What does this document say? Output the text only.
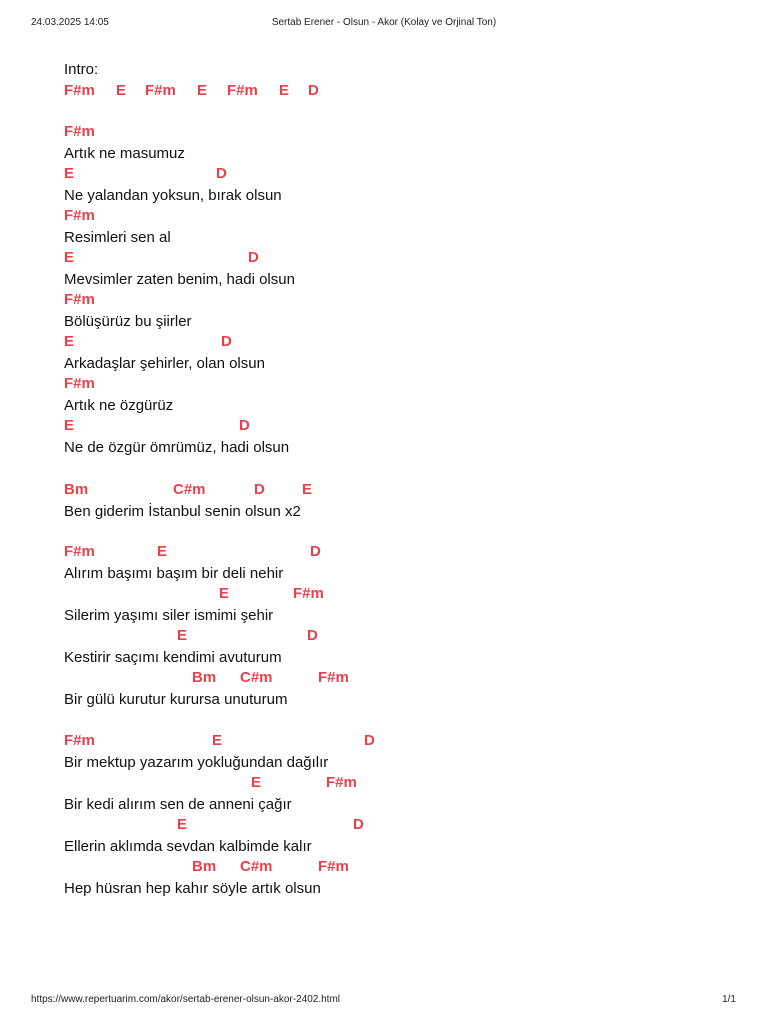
24.03.2025 14:05	Sertab Erener - Olsun - Akor (Kolay ve Orjinal Ton)
Intro:
F#m E F#m E F#m E D
F#m
Artık ne masumuz
E	D
Ne yalandan yoksun, bırak olsun
F#m
Resimleri sen al
E	D
Mevsimler zaten benim, hadi olsun
F#m
Bölüşürüz bu şiirler
E	D
Arkadaşlar şehirler, olan olsun
F#m
Artık ne özgürüz
E	D
Ne de özgür ömrümüz, hadi olsun
Bm	C#m	D E
Ben giderim İstanbul senin olsun x2
F#m	E	D
Alırım başımı başım bir deli nehir
E	F#m
Silerim yaşımı siler ismimi şehir
E	D
Kestirir saçımı kendimi avuturum
Bm C#m	F#m
Bir gülü kurutur kurursa unuturum
F#m	E	D
Bir mektup yazarım yokluğundan dağılır
E	F#m
Bir kedi alırım sen de anneni çağır
E	D
Ellerin aklımda sevdan kalbimde kalır
Bm C#m	F#m
Hep hüsran hep kahır söyle artık olsun
https://www.repertuarim.com/akor/sertab-erener-olsun-akor-2402.html	1/1
